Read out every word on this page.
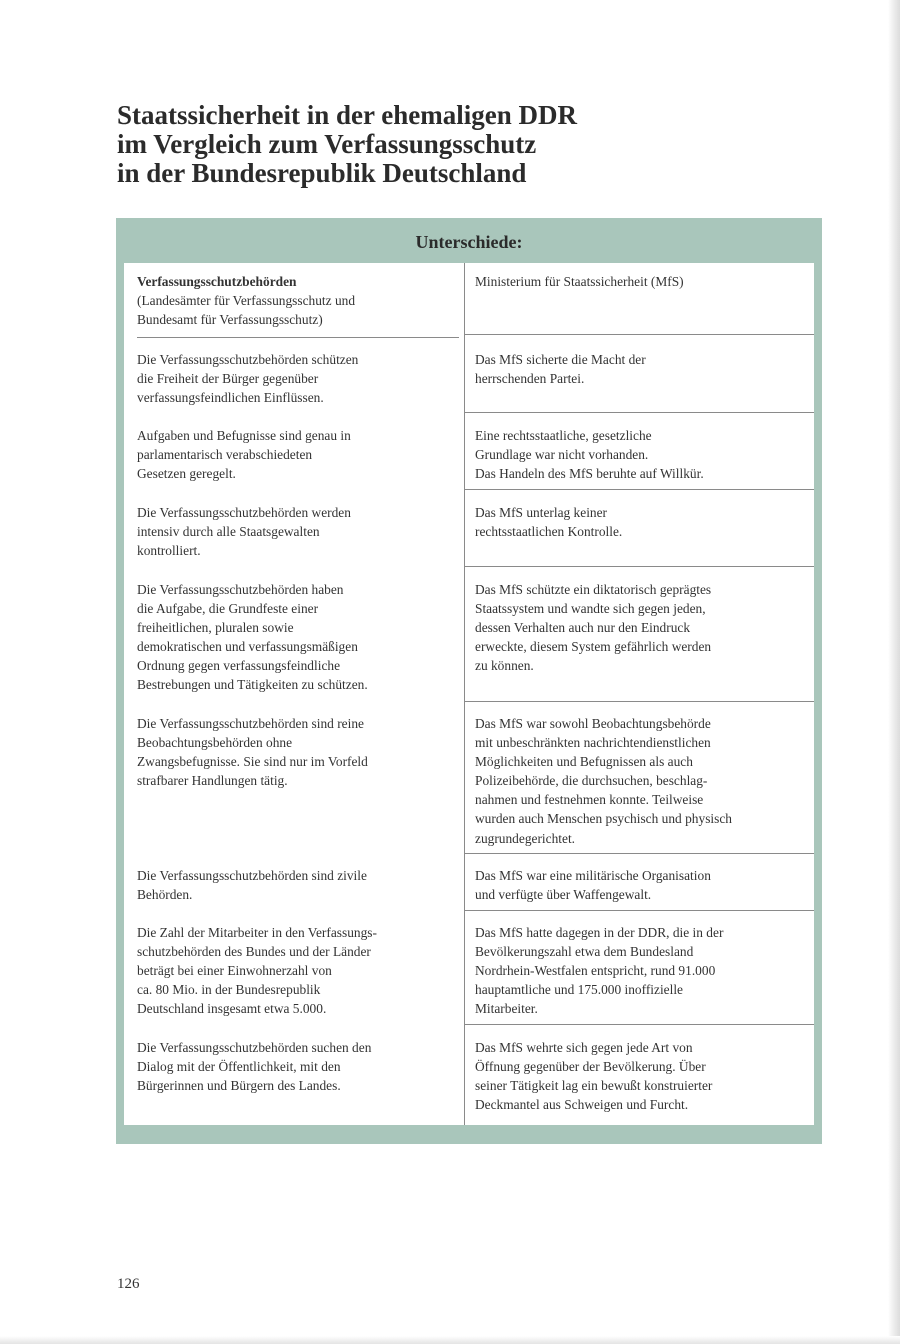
Staatssicherheit in der ehemaligen DDR
im Vergleich zum Verfassungsschutz
in der Bundesrepublik Deutschland
Unterschiede:
Verfassungsschutzbehörden
(Landesämter für Verfassungsschutz und
Bundesamt für Verfassungsschutz)
Ministerium für Staatssicherheit (MfS)
Die Verfassungsschutzbehörden schützen
die Freiheit der Bürger gegenüber
verfassungsfeindlichen Einflüssen.
Das MfS sicherte die Macht der
herrschenden Partei.
Aufgaben und Befugnisse sind genau in
parlamentarisch verabschiedeten
Gesetzen geregelt.
Eine rechtsstaatliche, gesetzliche
Grundlage war nicht vorhanden.
Das Handeln des MfS beruhte auf Willkür.
Die Verfassungsschutzbehörden werden
intensiv durch alle Staatsgewalten
kontrolliert.
Das MfS unterlag keiner
rechtsstaatlichen Kontrolle.
Die Verfassungsschutzbehörden haben
die Aufgabe, die Grundfeste einer
freiheitlichen, pluralen sowie
demokratischen und verfassungsmäßigen
Ordnung gegen verfassungsfeindliche
Bestrebungen und Tätigkeiten zu schützen.
Das MfS schützte ein diktatorisch geprägtes
Staatssystem und wandte sich gegen jeden,
dessen Verhalten auch nur den Eindruck
erweckte, diesem System gefährlich werden
zu können.
Die Verfassungsschutzbehörden sind reine
Beobachtungsbehörden ohne
Zwangsbefugnisse. Sie sind nur im Vorfeld
strafbarer Handlungen tätig.
Das MfS war sowohl Beobachtungsbehörde
mit unbeschränkten nachrichtendienstlichen
Möglichkeiten und Befugnissen als auch
Polizeibehörde, die durchsuchen, beschlag-
nahmen und festnehmen konnte. Teilweise
wurden auch Menschen psychisch und physisch
zugrundegerichtet.
Die Verfassungsschutzbehörden sind zivile
Behörden.
Das MfS war eine militärische Organisation
und verfügte über Waffengewalt.
Die Zahl der Mitarbeiter in den Verfassungs-
schutzbehörden des Bundes und der Länder
beträgt bei einer Einwohnerzahl von
ca. 80 Mio. in der Bundesrepublik
Deutschland insgesamt etwa 5.000.
Das MfS hatte dagegen in der DDR, die in der
Bevölkerungszahl etwa dem Bundesland
Nordrhein-Westfalen entspricht, rund 91.000
hauptamtliche und 175.000 inoffizielle
Mitarbeiter.
Die Verfassungsschutzbehörden suchen den
Dialog mit der Öffentlichkeit, mit den
Bürgerinnen und Bürgern des Landes.
Das MfS wehrte sich gegen jede Art von
Öffnung gegenüber der Bevölkerung. Über
seiner Tätigkeit lag ein bewußt konstruierter
Deckmantel aus Schweigen und Furcht.
126
